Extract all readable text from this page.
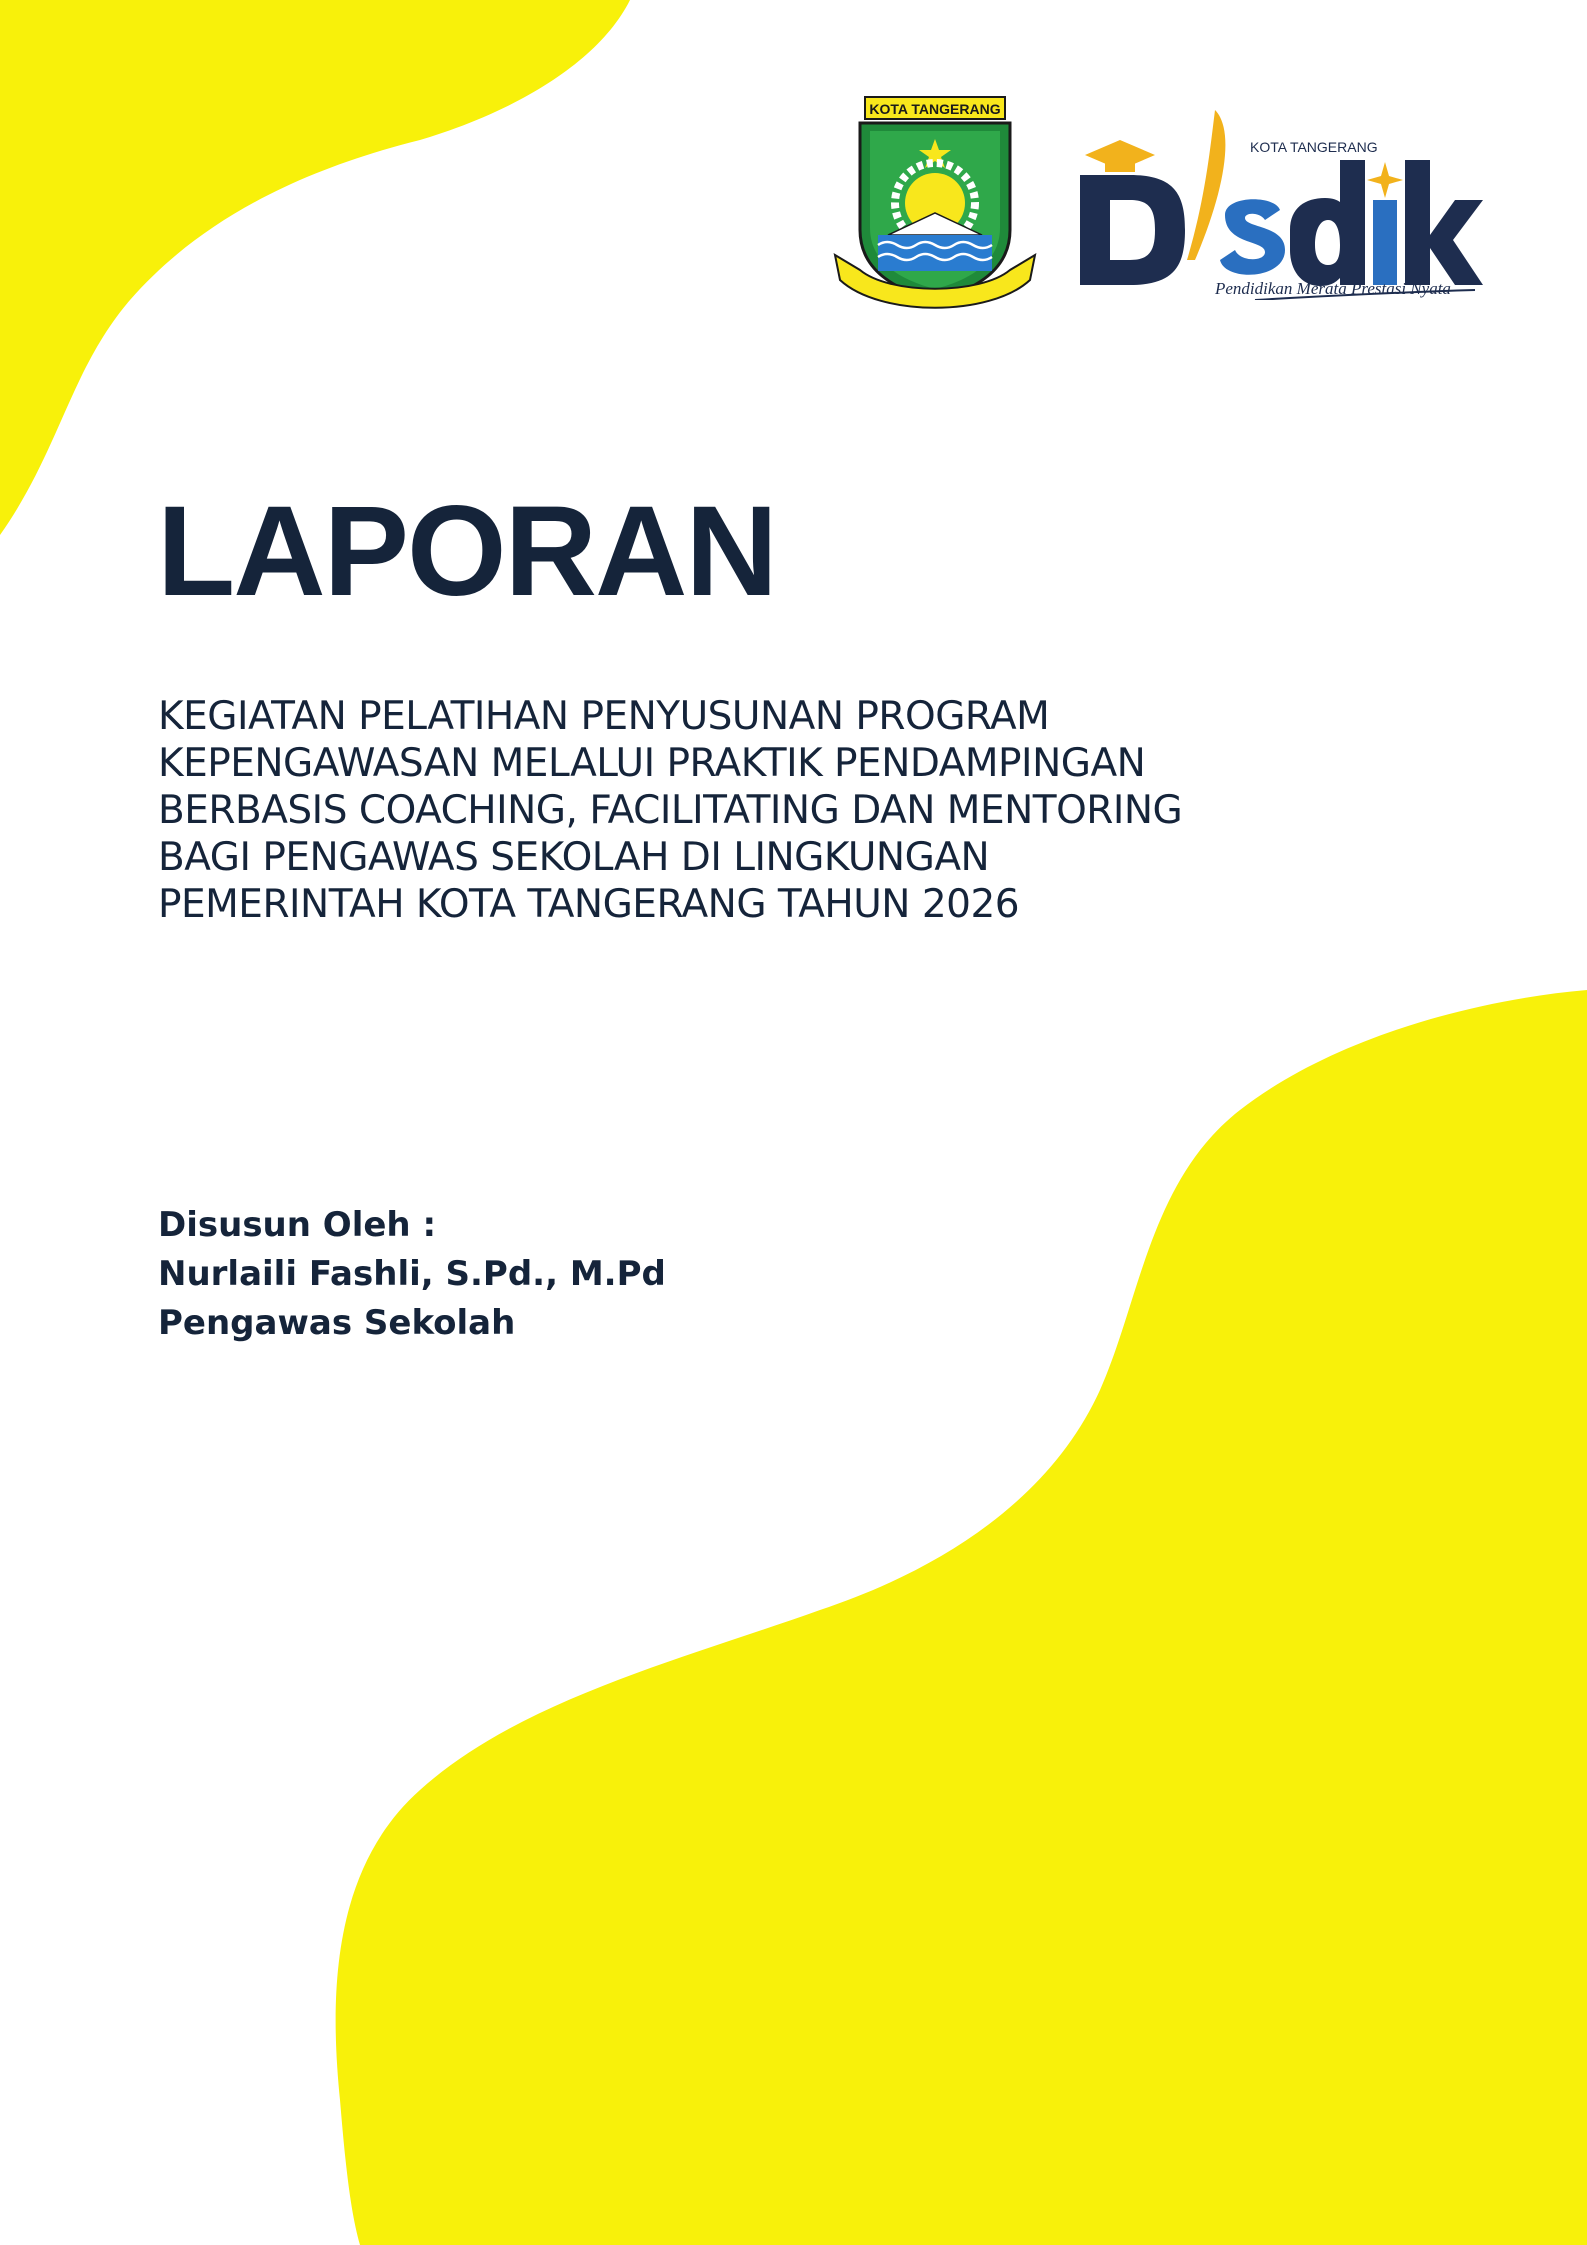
KOTA TANGERANG
KOTA TANGERANG
Pendidikan Merata Prestasi Nyata
LAPORAN

KEGIATAN PELATIHAN PENYUSUNAN PROGRAM
KEPENGAWASAN MELALUI PRAKTIK PENDAMPINGAN
BERBASIS COACHING, FACILITATING DAN MENTORING
BAGI PENGAWAS SEKOLAH DI LINGKUNGAN
PEMERINTAH KOTA TANGERANG TAHUN 2026

Disusun Oleh :
Nurlaili Fashli, S.Pd., M.Pd
Pengawas Sekolah
